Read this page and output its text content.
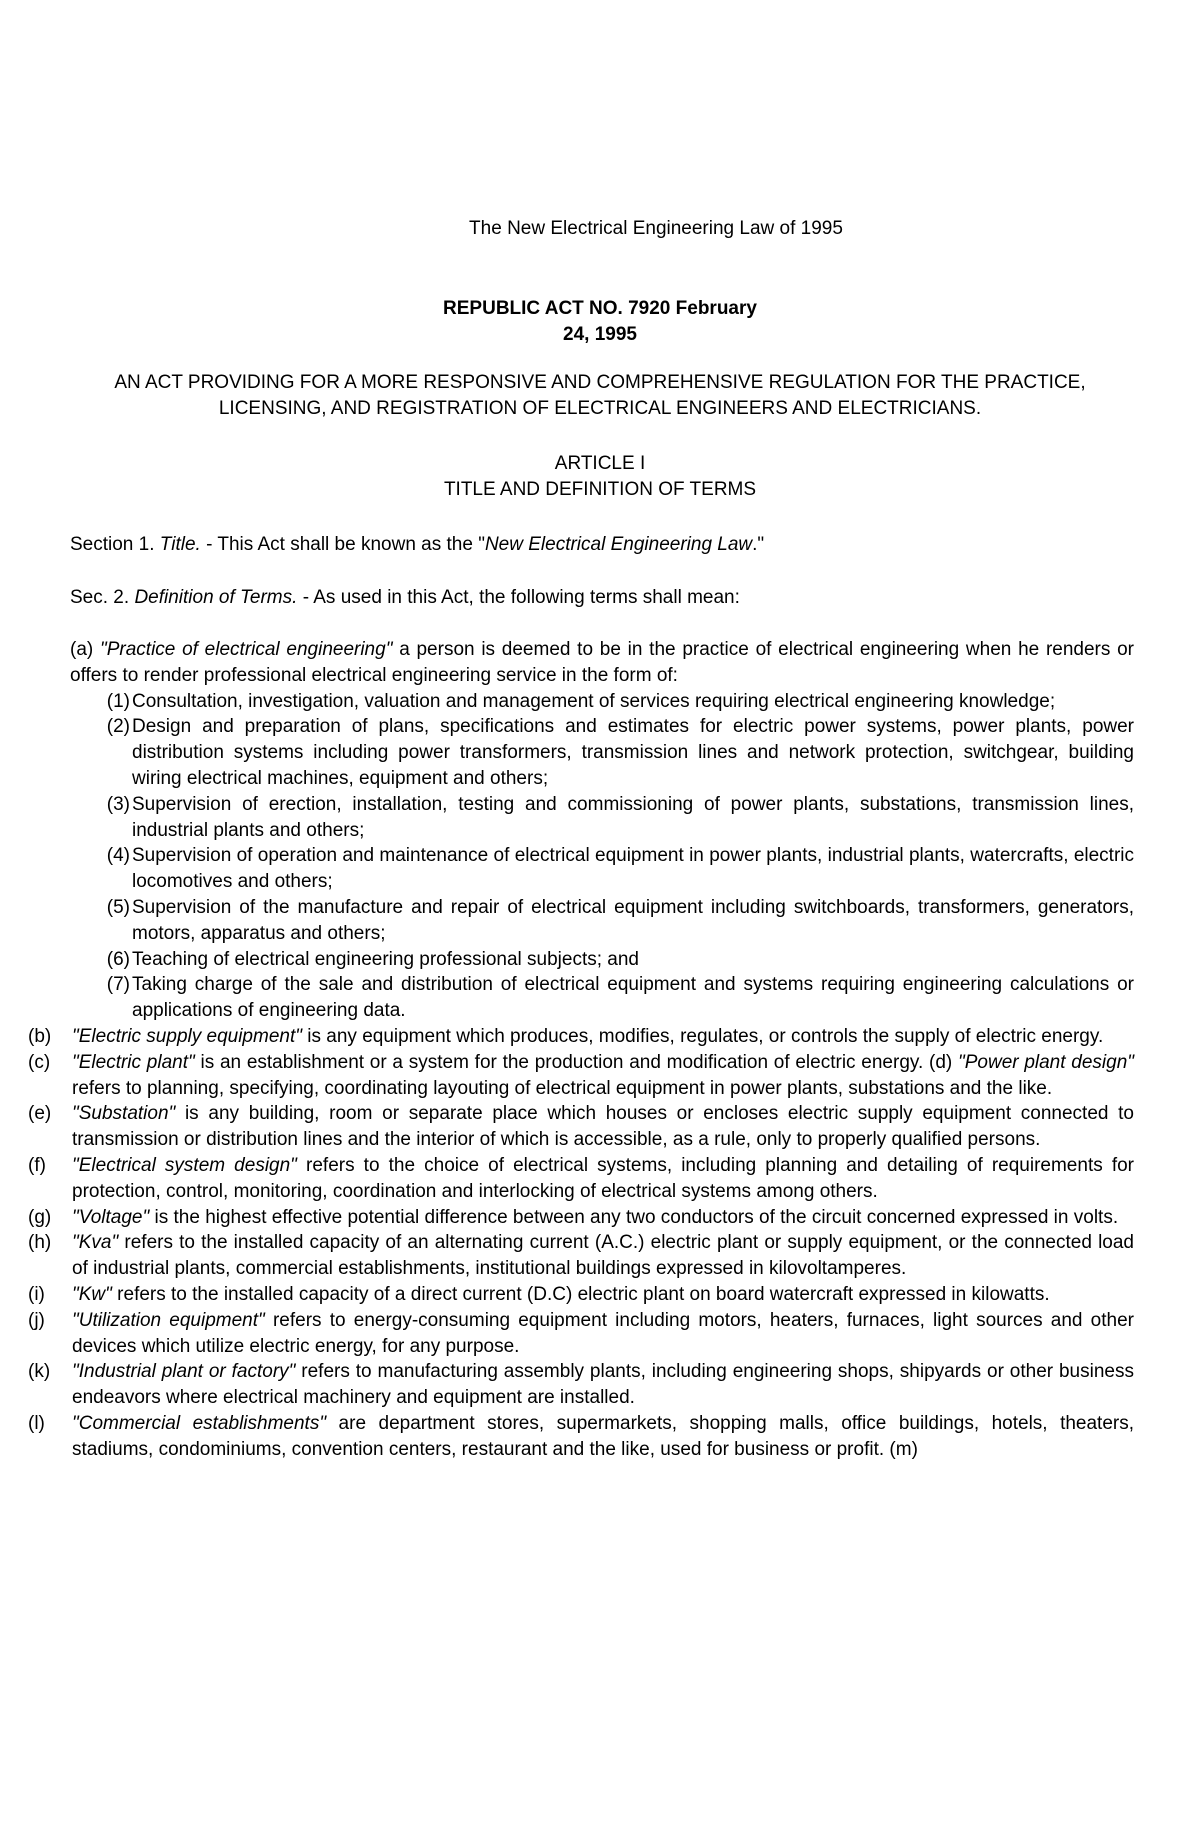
The New Electrical Engineering Law of 1995
REPUBLIC ACT NO. 7920 February
24, 1995
AN ACT PROVIDING FOR A MORE RESPONSIVE AND COMPREHENSIVE REGULATION FOR THE PRACTICE, LICENSING, AND REGISTRATION OF ELECTRICAL ENGINEERS AND ELECTRICIANS.
ARTICLE I
TITLE AND DEFINITION OF TERMS
Section 1. Title. - This Act shall be known as the "New Electrical Engineering Law."
Sec. 2. Definition of Terms. - As used in this Act, the following terms shall mean:

(a) "Practice of electrical engineering" a person is deemed to be in the practice of electrical engineering when he renders or offers to render professional electrical engineering service in the form of:

(1) Consultation, investigation, valuation and management of services requiring electrical engineering knowledge;
(2) Design and preparation of plans, specifications and estimates for electric power systems, power plants, power distribution systems including power transformers, transmission lines and network protection, switchgear, building wiring electrical machines, equipment and others;
(3) Supervision of erection, installation, testing and commissioning of power plants, substations, transmission lines, industrial plants and others;
(4) Supervision of operation and maintenance of electrical equipment in power plants, industrial plants, watercrafts, electric locomotives and others;
(5) Supervision of the manufacture and repair of electrical equipment including switchboards, transformers, generators, motors, apparatus and others;
(6) Teaching of electrical engineering professional subjects; and
(7) Taking charge of the sale and distribution of electrical equipment and systems requiring engineering calculations or applications of engineering data.
(b)	"Electric supply equipment" is any equipment which produces, modifies, regulates, or controls the supply of electric energy.
(c)	"Electric plant" is an establishment or a system for the production and modification of electric energy. (d) "Power plant design" refers to planning, specifying, coordinating layouting of electrical equipment in power plants, substations and the like.
(e)	"Substation" is any building, room or separate place which houses or encloses electric supply equipment connected to transmission or distribution lines and the interior of which is accessible, as a rule, only to properly qualified persons.
(f)	"Electrical system design" refers to the choice of electrical systems, including planning and detailing of requirements for protection, control, monitoring, coordination and interlocking of electrical systems among others.
(g)	"Voltage" is the highest effective potential difference between any two conductors of the circuit concerned expressed in volts.
(h)	"Kva" refers to the installed capacity of an alternating current (A.C.) electric plant or supply equipment, or the connected load of industrial plants, commercial establishments, institutional buildings expressed in kilovoltamperes.
(i)	"Kw" refers to the installed capacity of a direct current (D.C) electric plant on board watercraft expressed in kilowatts.
(j)	"Utilization equipment" refers to energy-consuming equipment including motors, heaters, furnaces, light sources and other devices which utilize electric energy, for any purpose.
(k)	"Industrial plant or factory" refers to manufacturing assembly plants, including engineering shops, shipyards or other business endeavors where electrical machinery and equipment are installed.
(l)	"Commercial establishments" are department stores, supermarkets, shopping malls, office buildings, hotels, theaters, stadiums, condominiums, convention centers, restaurant and the like, used for business or profit. (m)
